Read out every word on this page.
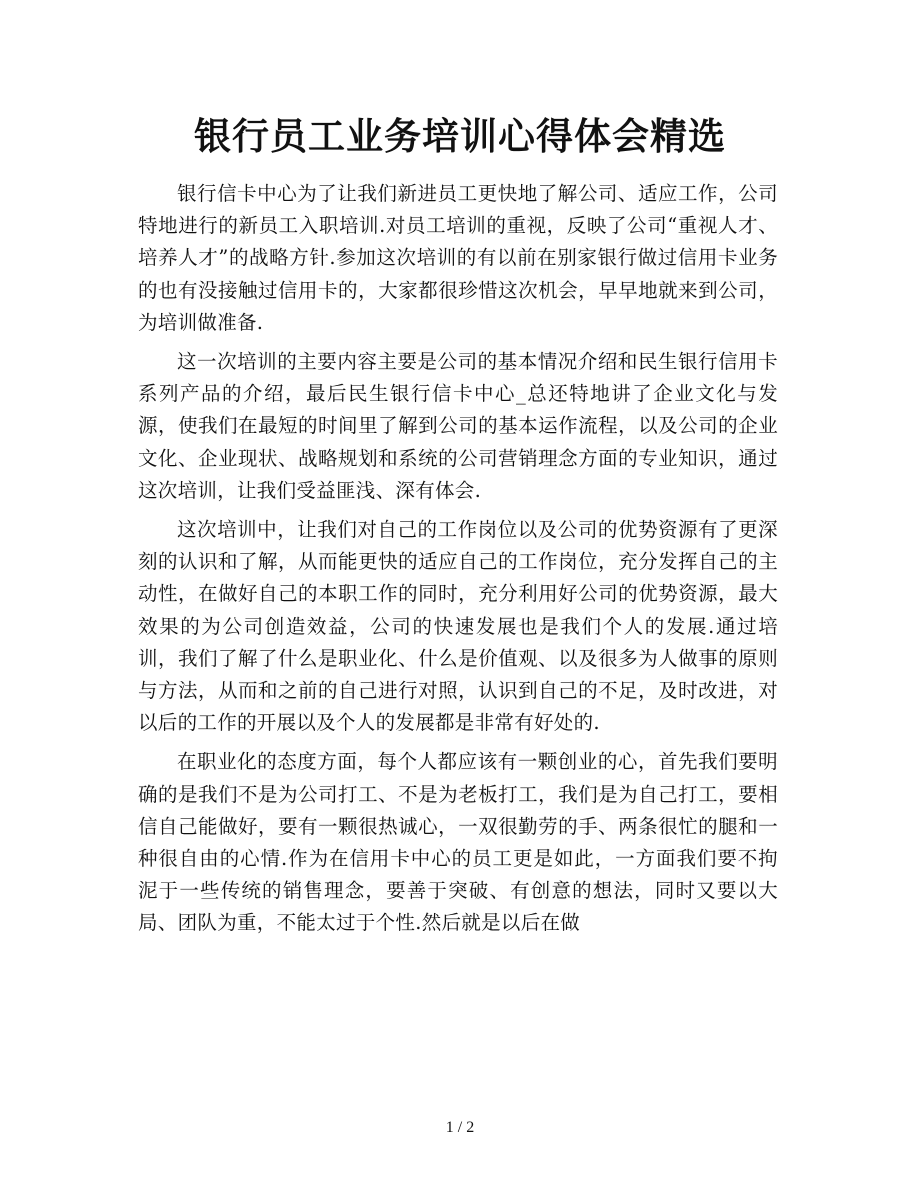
银行员工业务培训心得体会精选

银行信卡中心为了让我们新进员工更快地了解公司、适应工作，公司特地进行的新员工入职培训.对员工培训的重视，反映了公司“重视人才、培养人才”的战略方针.参加这次培训的有以前在别家银行做过信用卡业务的也有没接触过信用卡的，大家都很珍惜这次机会，早早地就来到公司，为培训做准备.

这一次培训的主要内容主要是公司的基本情况介绍和民生银行信用卡系列产品的介绍，最后民生银行信卡中心_总还特地讲了企业文化与发源，使我们在最短的时间里了解到公司的基本运作流程，以及公司的企业文化、企业现状、战略规划和系统的公司营销理念方面的专业知识，通过这次培训，让我们受益匪浅、深有体会.

这次培训中，让我们对自己的工作岗位以及公司的优势资源有了更深刻的认识和了解，从而能更快的适应自己的工作岗位，充分发挥自己的主动性，在做好自己的本职工作的同时，充分利用好公司的优势资源，最大效果的为公司创造效益，公司的快速发展也是我们个人的发展.通过培训，我们了解了什么是职业化、什么是价值观、以及很多为人做事的原则与方法，从而和之前的自己进行对照，认识到自己的不足，及时改进，对以后的工作的开展以及个人的发展都是非常有好处的.

在职业化的态度方面，每个人都应该有一颗创业的心，首先我们要明确的是我们不是为公司打工、不是为老板打工，我们是为自己打工，要相信自己能做好，要有一颗很热诚心，一双很勤劳的手、两条很忙的腿和一种很自由的心情.作为在信用卡中心的员工更是如此，一方面我们要不拘泥于一些传统的销售理念，要善于突破、有创意的想法，同时又要以大局、团队为重，不能太过于个性.然后就是以后在做

1 / 2
